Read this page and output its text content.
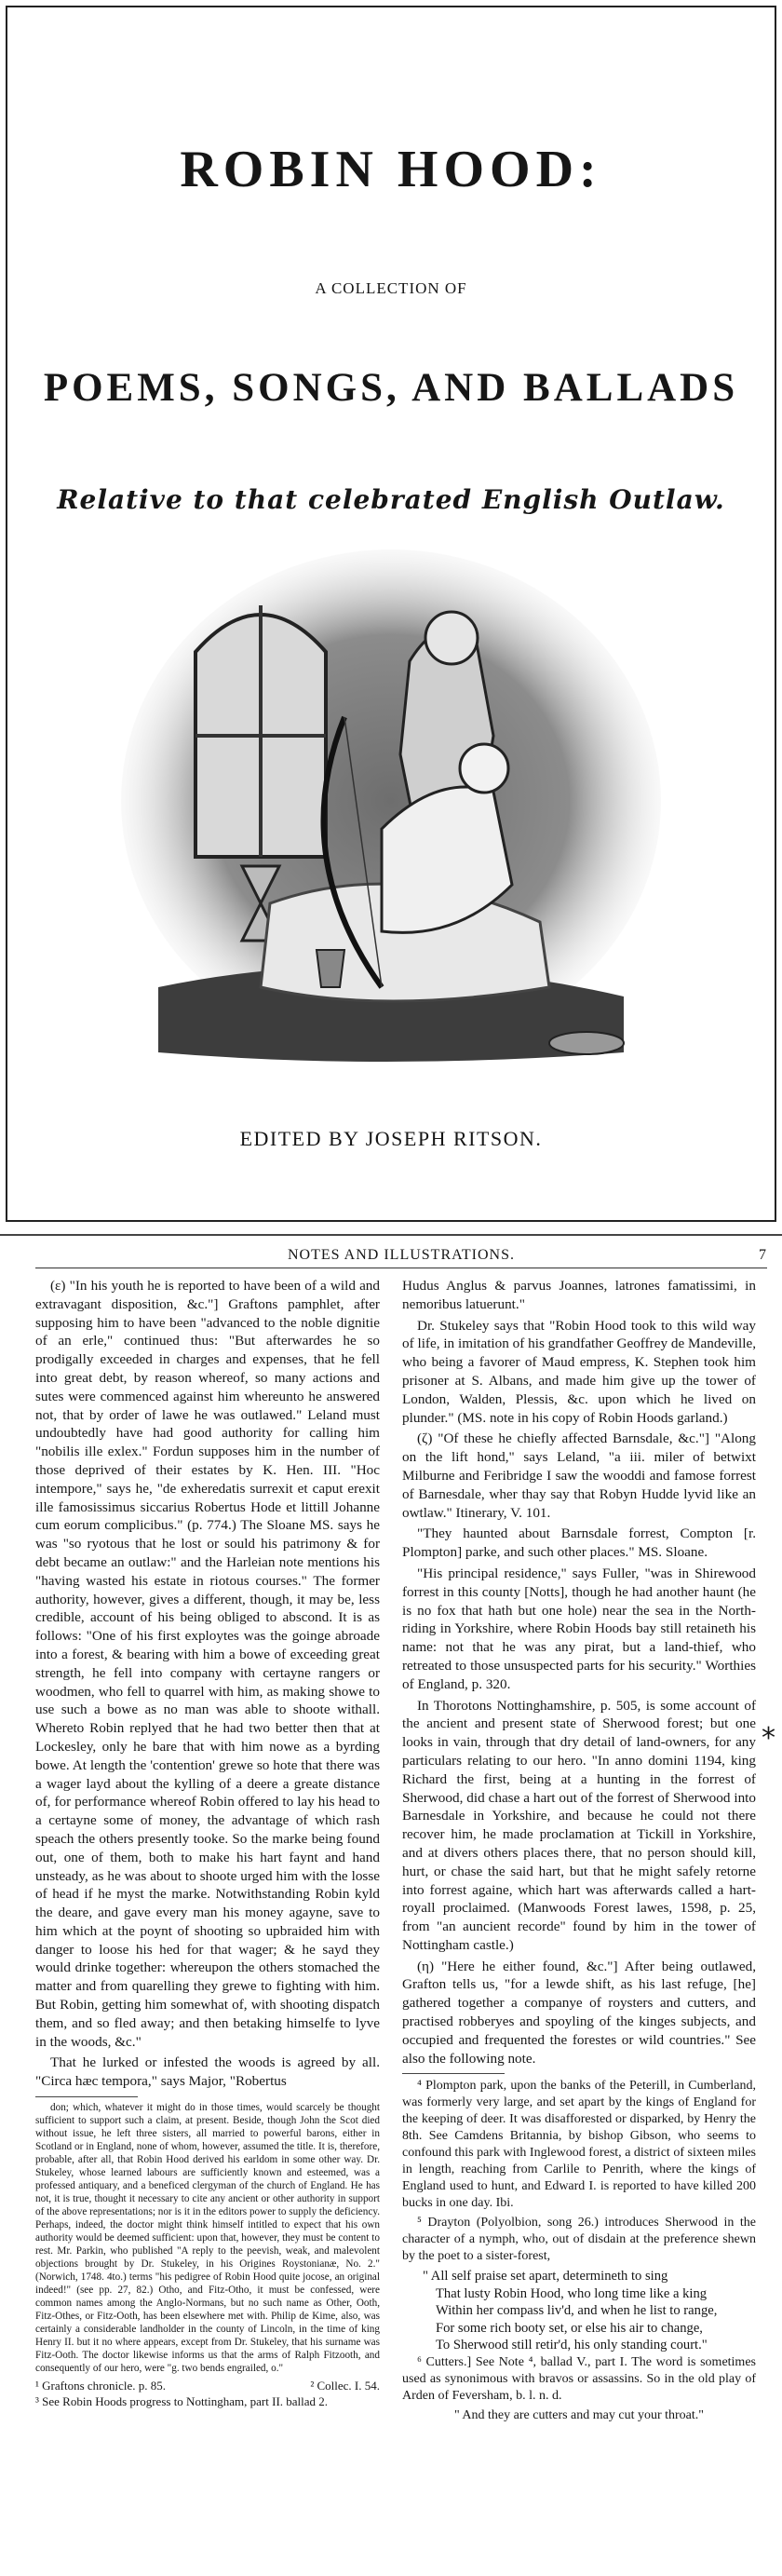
ROBIN HOOD:
A COLLECTION OF
POEMS, SONGS, AND BALLADS
Relative to that celebrated English Outlaw.
EDITED BY JOSEPH RITSON.
NOTES AND ILLUSTRATIONS.	7

(ε) "In his youth he is reported to have been of a wild and extravagant disposition, &c."] Graftons pamphlet, after supposing him to have been "advanced to the noble dignitie of an erle," continued thus: "But afterwardes he so prodigally exceeded in charges and expenses, that he fell into great debt, by reason whereof, so many actions and sutes were commenced against him whereunto he answered not, that by order of lawe he was outlawed." Leland must undoubtedly have had good authority for calling him "nobilis ille exlex." Fordun supposes him in the number of those deprived of their estates by K. Hen. III. "Hoc intempore," says he, "de exheredatis surrexit et caput erexit ille famosissimus siccarius Robertus Hode et littill Johanne cum eorum complicibus." (p. 774.) The Sloane MS. says he was "so ryotous that he lost or sould his patrimony & for debt became an outlaw:" and the Harleian note mentions his "having wasted his estate in riotous courses." The former authority, however, gives a different, though, it may be, less credible, account of his being obliged to abscond. It is as follows: "One of his first exploytes was the goinge abroade into a forest, & bearing with him a bowe of exceeding great strength, he fell into company with certayne rangers or woodmen, who fell to quarrel with him, as making showe to use such a bowe as no man was able to shoote withall. Whereto Robin replyed that he had two better then that at Lockesley, only he bare that with him nowe as a byrding bowe. At length the 'contention' grewe so hote that there was a wager layd about the kylling of a deere a greate distance of, for performance whereof Robin offered to lay his head to a certayne some of money, the advantage of which rash speach the others presently tooke. So the marke being found out, one of them, both to make his hart faynt and hand unsteady, as he was about to shoote urged him with the losse of head if he myst the marke. Notwithstanding Robin kyld the deare, and gave every man his money agayne, save to him which at the poynt of shooting so upbraided him with danger to loose his hed for that wager; & he sayd they would drinke together: whereupon the others stomached the matter and from quarelling they grewe to fighting with him. But Robin, getting him somewhat of, with shooting dispatch them, and so fled away; and then betaking himselfe to lyve in the woods, &c."

That he lurked or infested the woods is agreed by all. "Circa hæc tempora," says Major, "Robertus

don; which, whatever it might do in those times, would scarcely be thought sufficient to support such a claim, at present. Beside, though John the Scot died without issue, he left three sisters, all married to powerful barons, either in Scotland or in England, none of whom, however, assumed the title. It is, therefore, probable, after all, that Robin Hood derived his earldom in some other way. Dr. Stukeley, whose learned labours are sufficiently known and esteemed, was a professed antiquary, and a beneficed clergyman of the church of England. He has not, it is true, thought it necessary to cite any ancient or other authority in support of the above representations; nor is it in the editors power to supply the deficiency. Perhaps, indeed, the doctor might think himself intitled to expect that his own authority would be deemed sufficient: upon that, however, they must be content to rest. Mr. Parkin, who published "A reply to the peevish, weak, and malevolent objections brought by Dr. Stukeley, in his Origines Roystonianæ, No. 2." (Norwich, 1748. 4to.) terms "his pedigree of Robin Hood quite jocose, an original indeed!" (see pp. 27, 82.) Otho, and Fitz-Otho, it must be confessed, were common names among the Anglo-Normans, but no such name as Other, Ooth, Fitz-Othes, or Fitz-Ooth, has been elsewhere met with. Philip de Kime, also, was certainly a considerable landholder in the county of Lincoln, in the time of king Henry II. but it no where appears, except from Dr. Stukeley, that his surname was Fitz-Ooth. The doctor likewise informs us that the arms of Ralph Fitzooth, and consequently of our hero, were "g. two bends engrailed, o."

¹ Graftons chronicle. p. 85.	² Collec. I. 54.
³ See Robin Hoods progress to Nottingham, part II. ballad 2.
*

Hudus Anglus & parvus Joannes, latrones famatissimi, in nemoribus latuerunt."

Dr. Stukeley says that "Robin Hood took to this wild way of life, in imitation of his grandfather Geoffrey de Mandeville, who being a favorer of Maud empress, K. Stephen took him prisoner at S. Albans, and made him give up the tower of London, Walden, Plessis, &c. upon which he lived on plunder." (MS. note in his copy of Robin Hoods garland.)

(ζ) "Of these he chiefly affected Barnsdale, &c."] "Along on the lift hond," says Leland, "a iii. miler of betwixt Milburne and Feribridge I saw the wooddi and famose forrest of Barnesdale, wher thay say that Robyn Hudde lyvid like an owtlaw." Itinerary, V. 101.

"They haunted about Barnsdale forrest, Compton [r. Plompton] parke, and such other places." MS. Sloane.

"His principal residence," says Fuller, "was in Shirewood forrest in this county [Notts], though he had another haunt (he is no fox that hath but one hole) near the sea in the North-riding in Yorkshire, where Robin Hoods bay still retaineth his name: not that he was any pirat, but a land-thief, who retreated to those unsuspected parts for his security." Worthies of England, p. 320.

In Thorotons Nottinghamshire, p. 505, is some account of the ancient and present state of Sherwood forest; but one looks in vain, through that dry detail of land-owners, for any particulars relating to our hero. "In anno domini 1194, king Richard the first, being at a hunting in the forrest of Sherwood, did chase a hart out of the forrest of Sherwood into Barnesdale in Yorkshire, and because he could not there recover him, he made proclamation at Tickill in Yorkshire, and at divers others places there, that no person should kill, hurt, or chase the said hart, but that he might safely retorne into forrest againe, which hart was afterwards called a hart-royall proclaimed. (Manwoods Forest lawes, 1598, p. 25, from "an auncient recorde" found by him in the tower of Nottingham castle.)

(η) "Here he either found, &c."] After being outlawed, Grafton tells us, "for a lewde shift, as his last refuge, [he] gathered together a companye of roysters and cutters, and practised robberyes and spoyling of the kinges subjects, and occupied and frequented the forestes or wild countries." See also the following note.

⁴ Plompton park, upon the banks of the Peterill, in Cumberland, was formerly very large, and set apart by the kings of England for the keeping of deer. It was disafforested or disparked, by Henry the 8th. See Camdens Britannia, by bishop Gibson, who seems to confound this park with Inglewood forest, a district of sixteen miles in length, reaching from Carlile to Penrith, where the kings of England used to hunt, and Edward I. is reported to have killed 200 bucks in one day. Ibi.

⁵ Drayton (Polyolbion, song 26.) introduces Sherwood in the character of a nymph, who, out of disdain at the preference shewn by the poet to a sister-forest,

" All self praise set apart, determineth to sing
That lusty Robin Hood, who long time like a king
Within her compass liv'd, and when he list to range,
For some rich booty set, or else his air to change,
To Sherwood still retir'd, his only standing court."

⁶ Cutters.] See Note ⁴, ballad V., part I. The word is sometimes used as synonimous with bravos or assassins. So in the old play of Arden of Feversham, b. l. n. d.

" And they are cutters and may cut your throat."
